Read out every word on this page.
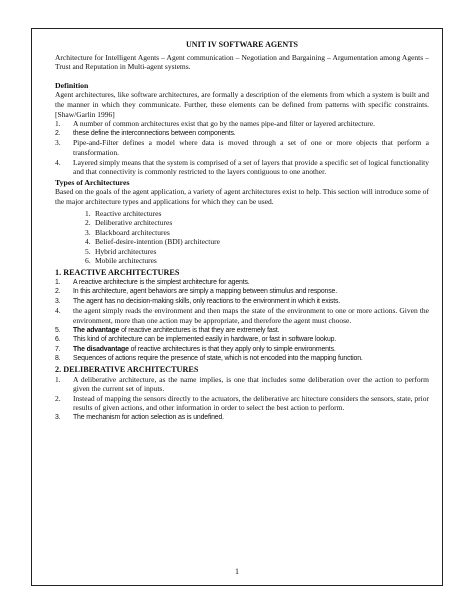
UNIT IV SOFTWARE AGENTS

Architecture for Intelligent Agents – Agent communication – Negotiation and Bargaining – Argumentation among Agents – Trust and Reputation in Multi-agent systems.

Definition

Agent architectures, like software architectures, are formally a description of the elements from which a system is built and the manner in which they communicate. Further, these elements can be defined from patterns with specific constraints. [Shaw/Garlin 1996]

1. A number of common architectures exist that go by the names pipe-and filter or layered architecture.
2. these define the interconnections between components.
3. Pipe-and-Filter defines a model where data is moved through a set of one or more objects that perform a transformation.
4. Layered simply means that the system is comprised of a set of layers that provide a specific set of logical functionality and that connectivity is commonly restricted to the layers contiguous to one another.
Types of Architectures

Based on the goals of the agent application, a variety of agent architectures exist to help. This section will introduce some of the major architecture types and applications for which they can be used.

1. Reactive architectures
2. Deliberative architectures
3. Blackboard architectures
4. Belief-desire-intention (BDI) architecture
5. Hybrid architectures
6. Mobile architectures
1. REACTIVE ARCHITECTURES
1. A reactive architecture is the simplest architecture for agents.
2. In this architecture, agent behaviors are simply a mapping between stimulus and response.
3. The agent has no decision-making skills, only reactions to the environment in which it exists.
4. the agent simply reads the environment and then maps the state of the environment to one or more actions. Given the environment, more than one action may be appropriate, and therefore the agent must choose.
5. The advantage of reactive architectures is that they are extremely fast.
6. This kind of architecture can be implemented easily in hardware, or fast in software lookup.
7. The disadvantage of reactive architectures is that they apply only to simple environments.
8. Sequences of actions require the presence of state, which is not encoded into the mapping function.
2. DELIBERATIVE ARCHITECTURES
1. A deliberative architecture, as the name implies, is one that includes some deliberation over the action to perform given the current set of inputs.
2. Instead of mapping the sensors directly to the actuators, the deliberative arc hitecture considers the sensors, state, prior results of given actions, and other information in order to select the best action to perform.
3. The mechanism for action selection as is undefined.
1
